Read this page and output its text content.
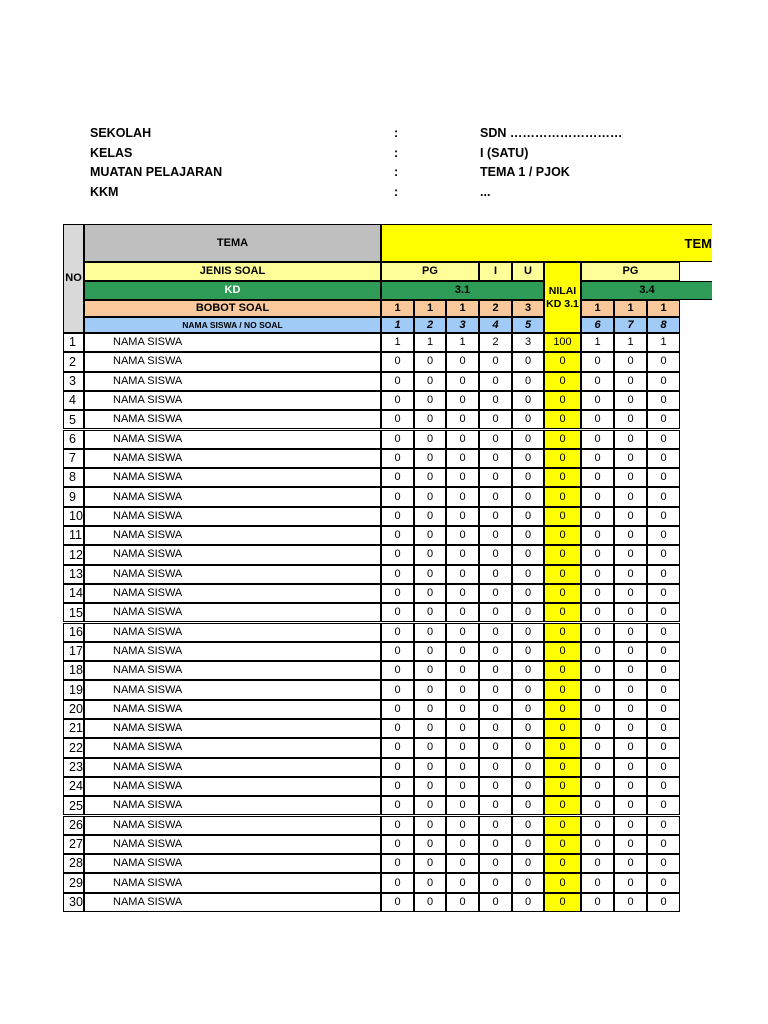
SEKOLAH	:	SDN ………………………
KELAS	:	I (SATU)
MUATAN PELAJARAN	:	TEMA 1 / PJOK
KKM	:	...
NO
TEMA	TEM
JENIS SOAL	PG	I	U	PG
NILAI KD 3.1
KD	3.1	3.4
BOBOT SOAL	1	1	1	2	3	1	1	1
NAMA SISWA / NO SOAL	1	2	3	4	5	6	7	8
1	NAMA SISWA	1	1	1	2	3	100	1	1	1
2	NAMA SISWA	0	0	0	0	0	0	0	0	0
3	NAMA SISWA	0	0	0	0	0	0	0	0	0
4	NAMA SISWA	0	0	0	0	0	0	0	0	0
5	NAMA SISWA	0	0	0	0	0	0	0	0	0
6	NAMA SISWA	0	0	0	0	0	0	0	0	0
7	NAMA SISWA	0	0	0	0	0	0	0	0	0
8	NAMA SISWA	0	0	0	0	0	0	0	0	0
9	NAMA SISWA	0	0	0	0	0	0	0	0	0
10	NAMA SISWA	0	0	0	0	0	0	0	0	0
11	NAMA SISWA	0	0	0	0	0	0	0	0	0
12	NAMA SISWA	0	0	0	0	0	0	0	0	0
13	NAMA SISWA	0	0	0	0	0	0	0	0	0
14	NAMA SISWA	0	0	0	0	0	0	0	0	0
15	NAMA SISWA	0	0	0	0	0	0	0	0	0
16	NAMA SISWA	0	0	0	0	0	0	0	0	0
17	NAMA SISWA	0	0	0	0	0	0	0	0	0
18	NAMA SISWA	0	0	0	0	0	0	0	0	0
19	NAMA SISWA	0	0	0	0	0	0	0	0	0
20	NAMA SISWA	0	0	0	0	0	0	0	0	0
21	NAMA SISWA	0	0	0	0	0	0	0	0	0
22	NAMA SISWA	0	0	0	0	0	0	0	0	0
23	NAMA SISWA	0	0	0	0	0	0	0	0	0
24	NAMA SISWA	0	0	0	0	0	0	0	0	0
25	NAMA SISWA	0	0	0	0	0	0	0	0	0
26	NAMA SISWA	0	0	0	0	0	0	0	0	0
27	NAMA SISWA	0	0	0	0	0	0	0	0	0
28	NAMA SISWA	0	0	0	0	0	0	0	0	0
29	NAMA SISWA	0	0	0	0	0	0	0	0	0
30	NAMA SISWA	0	0	0	0	0	0	0	0	0
